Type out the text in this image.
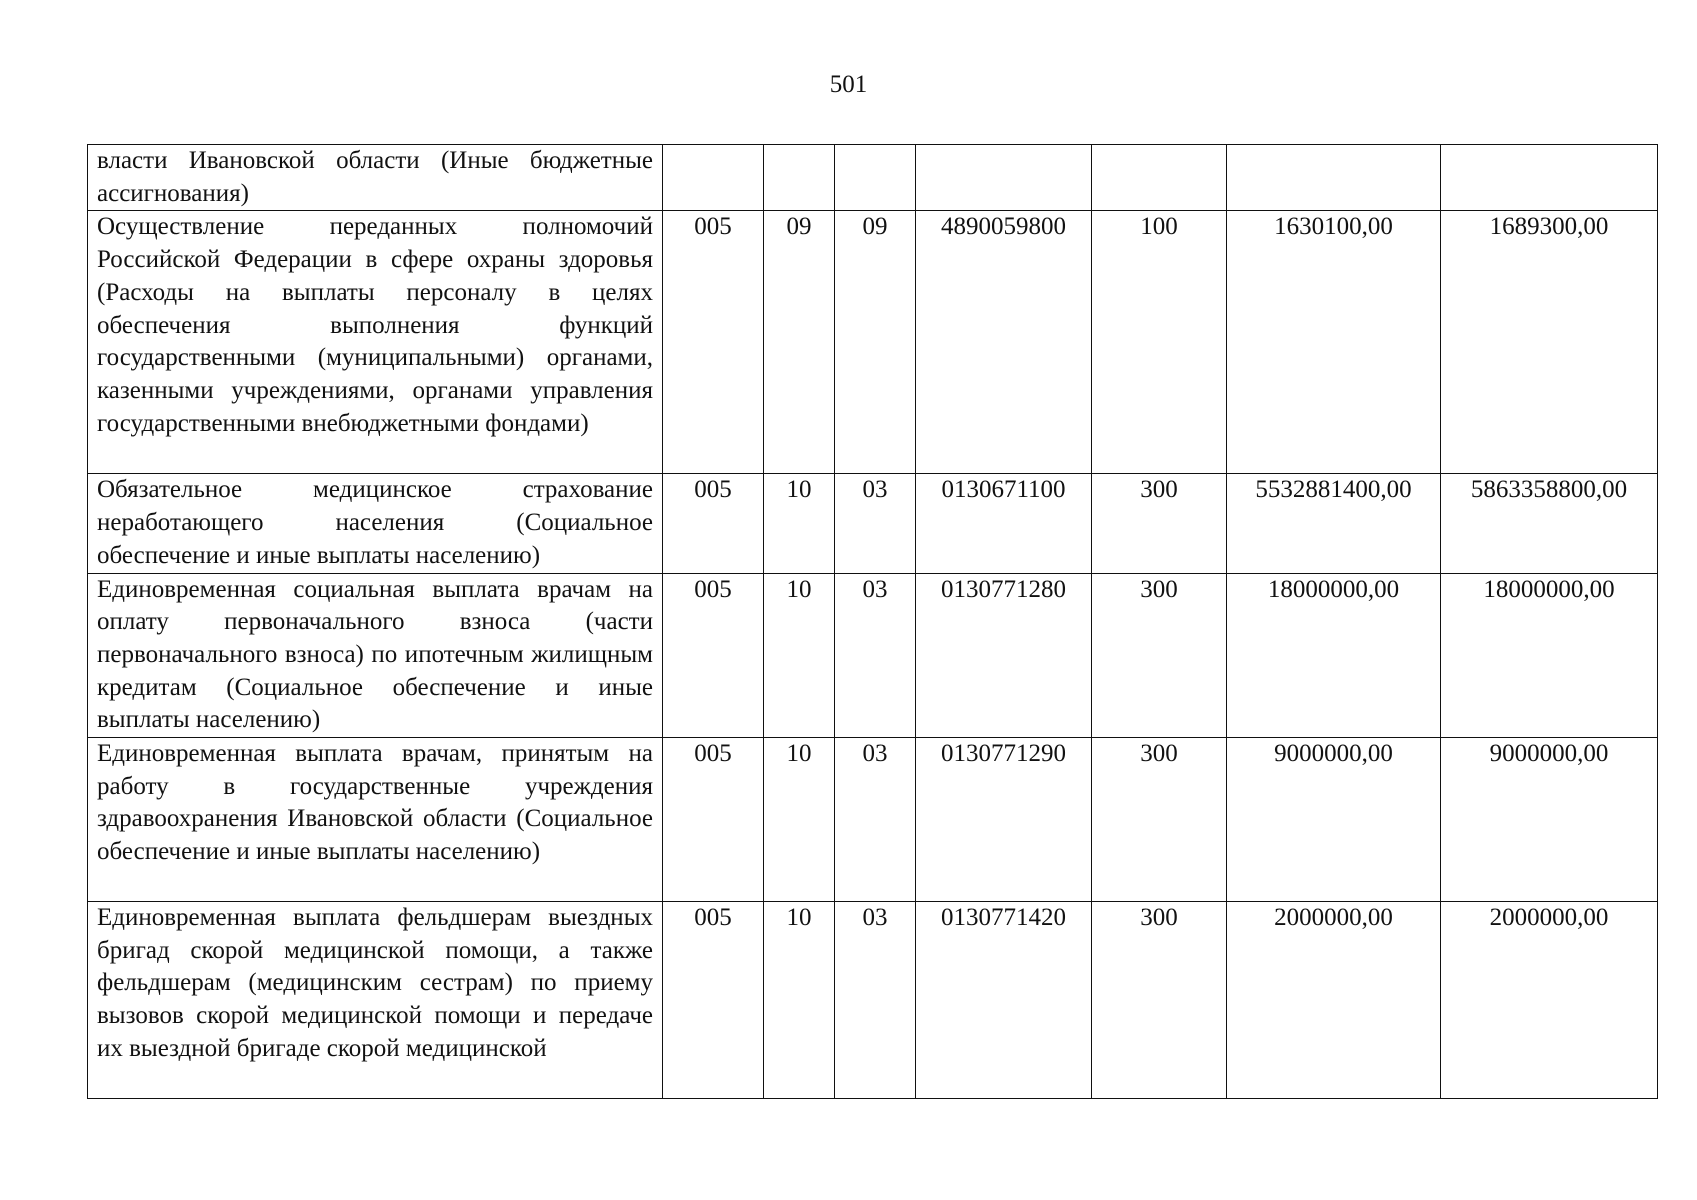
501
власти Ивановской области (Иные бюджетные ассигнования)							
Осуществление переданных полномочий Российской Федерации в сфере охраны здоровья (Расходы на выплаты персоналу в целях обеспечения выполнения функций государственными (муниципальными) органами, казенными учреждениями, органами управления государственными внебюджетными фондами)	005	09	09	4890059800	100	1630100,00	1689300,00
Обязательное медицинское страхование неработающего населения (Социальное обеспечение и иные выплаты населению)	005	10	03	0130671100	300	5532881400,00	5863358800,00
Единовременная социальная выплата врачам на оплату первоначального взноса (части первоначального взноса) по ипотечным жилищным кредитам (Социальное обеспечение и иные выплаты населению)	005	10	03	0130771280	300	18000000,00	18000000,00
Единовременная выплата врачам, принятым на работу в государственные учреждения здравоохранения Ивановской области (Социальное обеспечение и иные выплаты населению)	005	10	03	0130771290	300	9000000,00	9000000,00
Единовременная выплата фельдшерам выездных бригад скорой медицинской помощи, а также фельдшерам (медицинским сестрам) по приему вызовов скорой медицинской помощи и передаче их выездной бригаде скорой медицинской	005	10	03	0130771420	300	2000000,00	2000000,00
